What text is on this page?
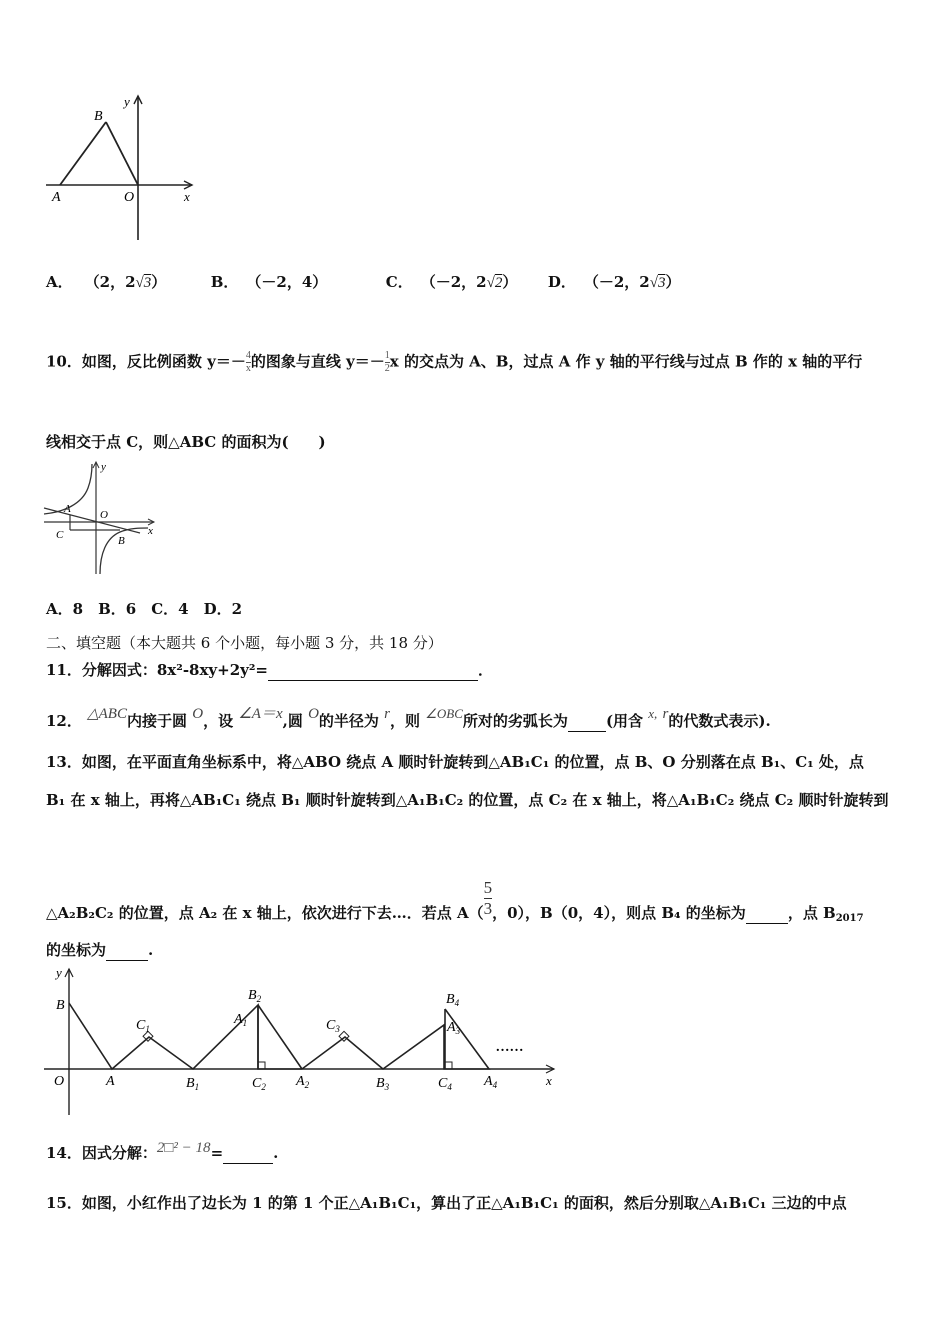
B
y
A	O	x
A． （2，2√3）	B． （－2，4）	C． （－2，2√2） D． （－2，2√3）
10．如图，反比例函数 $y=- \frac{4}{x}$ 的图象与直线 $y=- \frac{1}{2}$ x 的交点为 A、B，过点 A 作 y 轴的平行线与过点 B 作的 x 轴的平行
线相交于点 C，则△ABC 的面积为(　　)
y
A	O
C	x
B
A．8　B．6　C．4　D．2
二、填空题（本大题共 6 个小题，每小题 3 分，共 18 分）
11．分解因式：8x²-8xy+2y²=	．
12． △ABC内接于圆 O，设 ∠A＝x,圆 O的半径为 r，则 ∠OBC所对的劣弧长为	(用含 x, r的代数式表示).
13．如图，在平面直角坐标系中，将△ABO 绕点 A 顺时针旋转到△AB₁C₁ 的位置，点 B、O 分别落在点 B₁、C₁ 处，点
B₁ 在 x 轴上，再将△AB₁C₁ 绕点 B₁ 顺时针旋转到△A₁B₁C₂ 的位置，点 C₂ 在 x 轴上，将△A₁B₁C₂ 绕点 C₂ 顺时针旋转到
△A₂B₂C₂ 的位置，点 A₂ 在 x 轴上，依次进行下去…．若点 $A( \frac{5}{3}$ ，0），B（0，4），则点 B₄ 的坐标为	，点 $B_{2017}$
的坐标为	.
y
B
O	A
$C_1$
$B_1$
$B_2$
$A_1$
$C_2$ $A_2$
$C_3$
$B_3$
$B_4$
$A_3$
$C_4$ $A_4$	x
……
14．因式分解：2□² − 18=	.
15．如图，小红作出了边长为 1 的第 1 个正△A₁B₁C₁，算出了正△A₁B₁C₁ 的面积，然后分别取△A₁B₁C₁ 三边的中点
